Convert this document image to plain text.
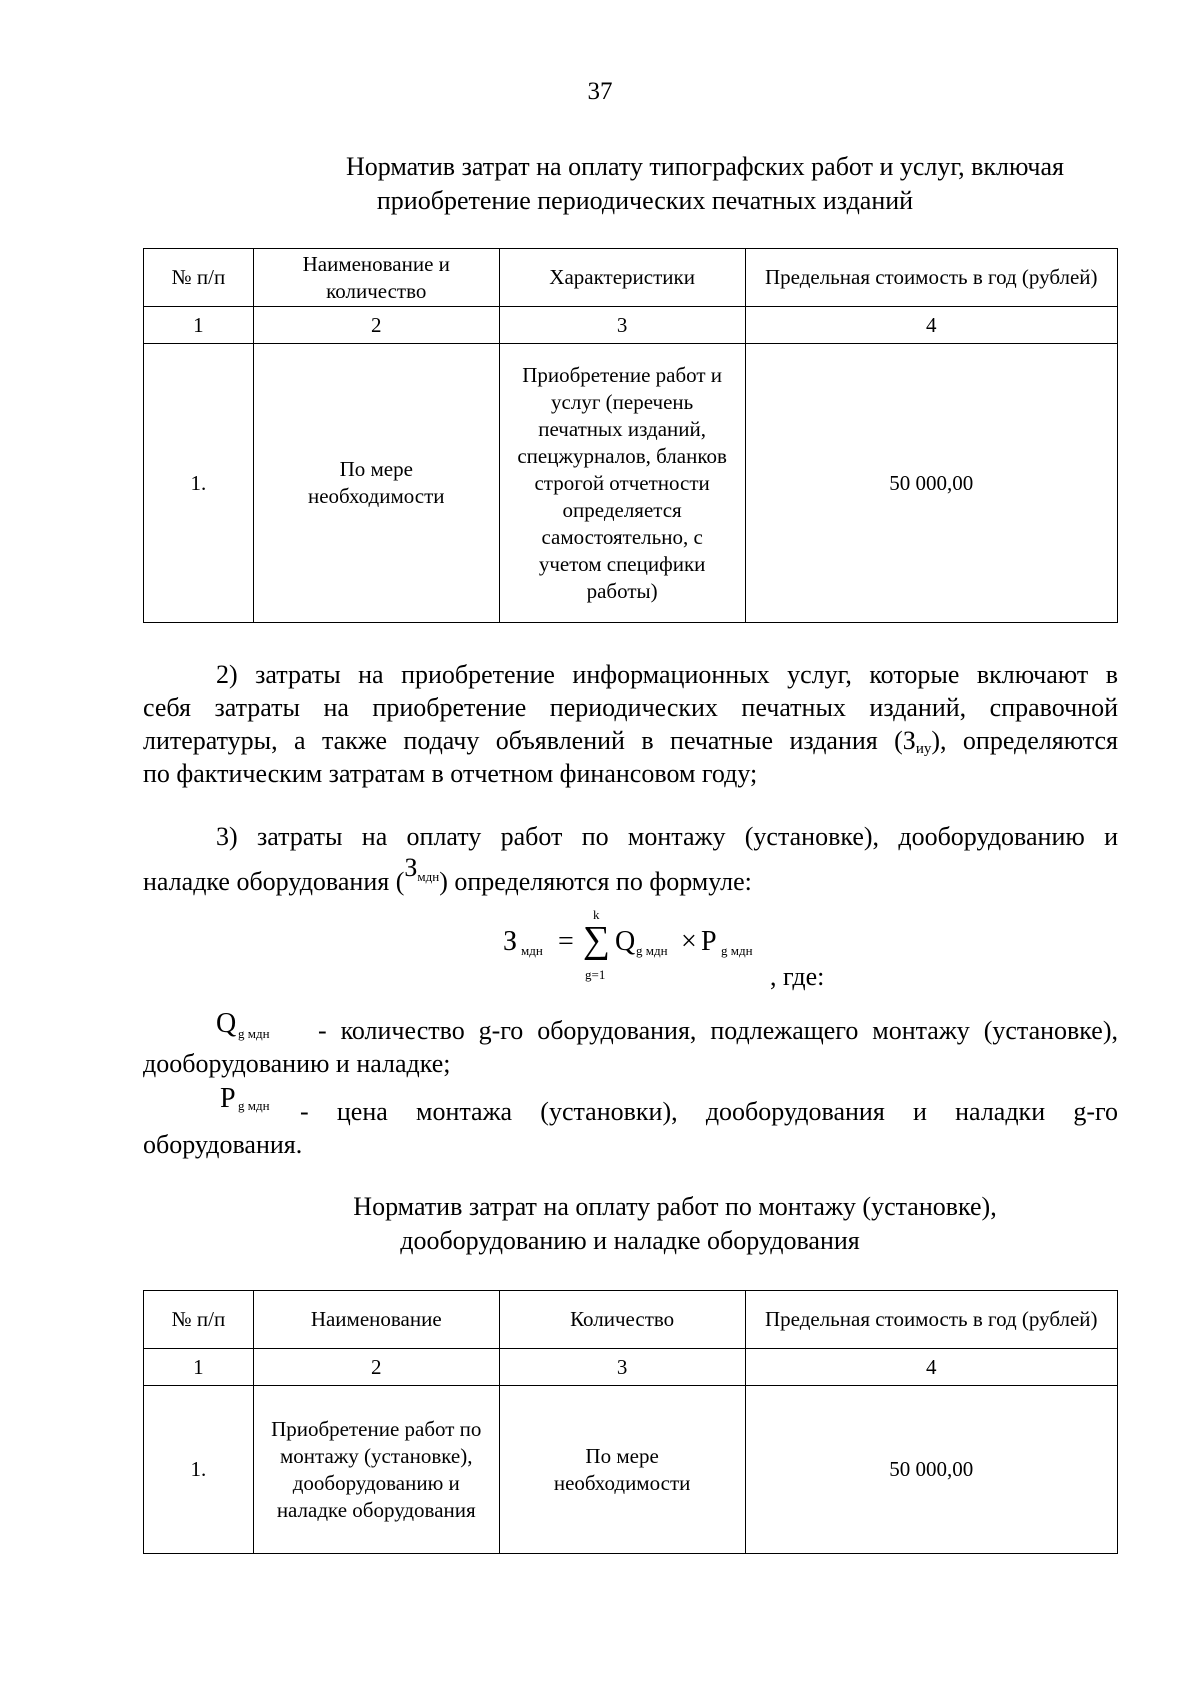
37
Норматив затрат на оплату типографских работ и услуг, включая
приобретение периодических печатных изданий
№ п/п	Наименование и количество	Характеристики	Предельная стоимость в год (рублей)
1	2	3	4
1.	По мере необходимости	Приобретение работ и услуг (перечень печатных изданий, спецжурналов, бланков строгой отчетности определяется самостоятельно, с учетом специфики работы)	50 000,00
2) затраты на приобретение информационных услуг, которые включают в
себя затраты на приобретение периодических печатных изданий, справочной
литературы, а также подачу объявлений в печатные издания $(З_{иу})$, определяются
по фактическим затратам в отчетном финансовом году;
3) затраты на оплату работ по монтажу (установке), дооборудованию и
наладке оборудования $(З^{мдн})$ определяются по формуле:
З мдн =
k
∑
g=1
Q g мдн × P g мдн
, где:
Q g мдн - количество g-го оборудования, подлежащего монтажу (установке),
дооборудованию и наладке;
P g мдн - цена монтажа (установки), дооборудования и наладки g-го
оборудования.
Норматив затрат на оплату работ по монтажу (установке),
дооборудованию и наладке оборудования
№ п/п	Наименование	Количество	Предельная стоимость в год (рублей)
1	2	3	4
1.	Приобретение работ по монтажу (установке), дооборудованию и наладке оборудования	По мере необходимости	50 000,00
